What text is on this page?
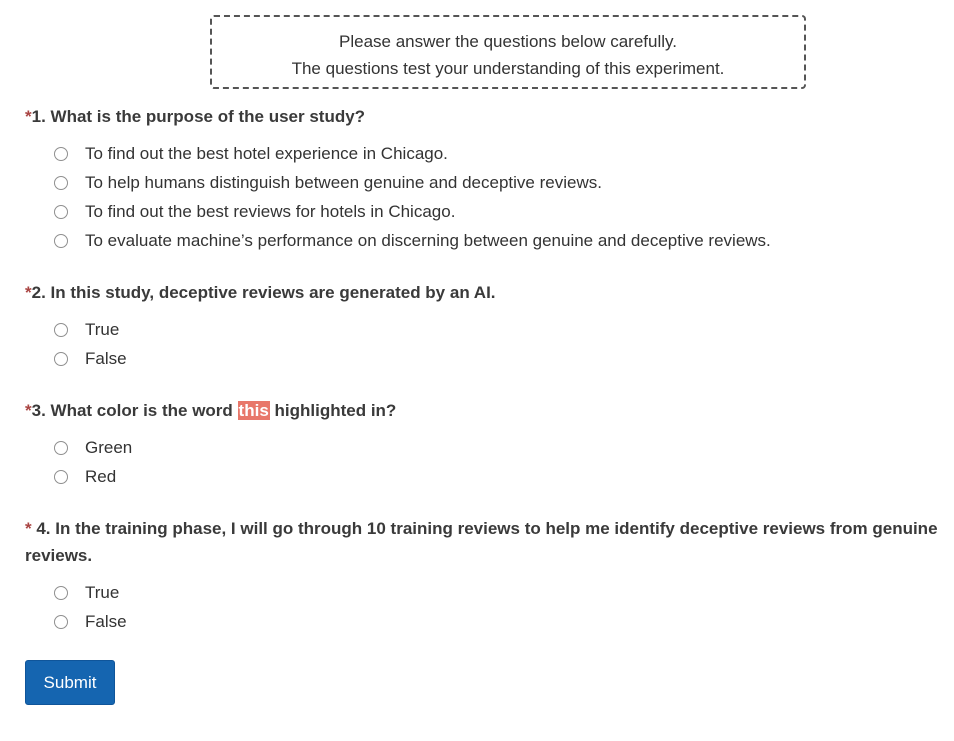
Please answer the questions below carefully.
The questions test your understanding of this experiment.

*1. What is the purpose of the user study?

To find out the best hotel experience in Chicago.
To help humans distinguish between genuine and deceptive reviews.
To find out the best reviews for hotels in Chicago.
To evaluate machine’s performance on discerning between genuine and deceptive reviews.

*2. In this study, deceptive reviews are generated by an AI.

True
False

*3. What color is the word this highlighted in?

Green
Red

* 4. In the training phase, I will go through 10 training reviews to help me identify deceptive reviews from genuine reviews.

True
False
Submit
